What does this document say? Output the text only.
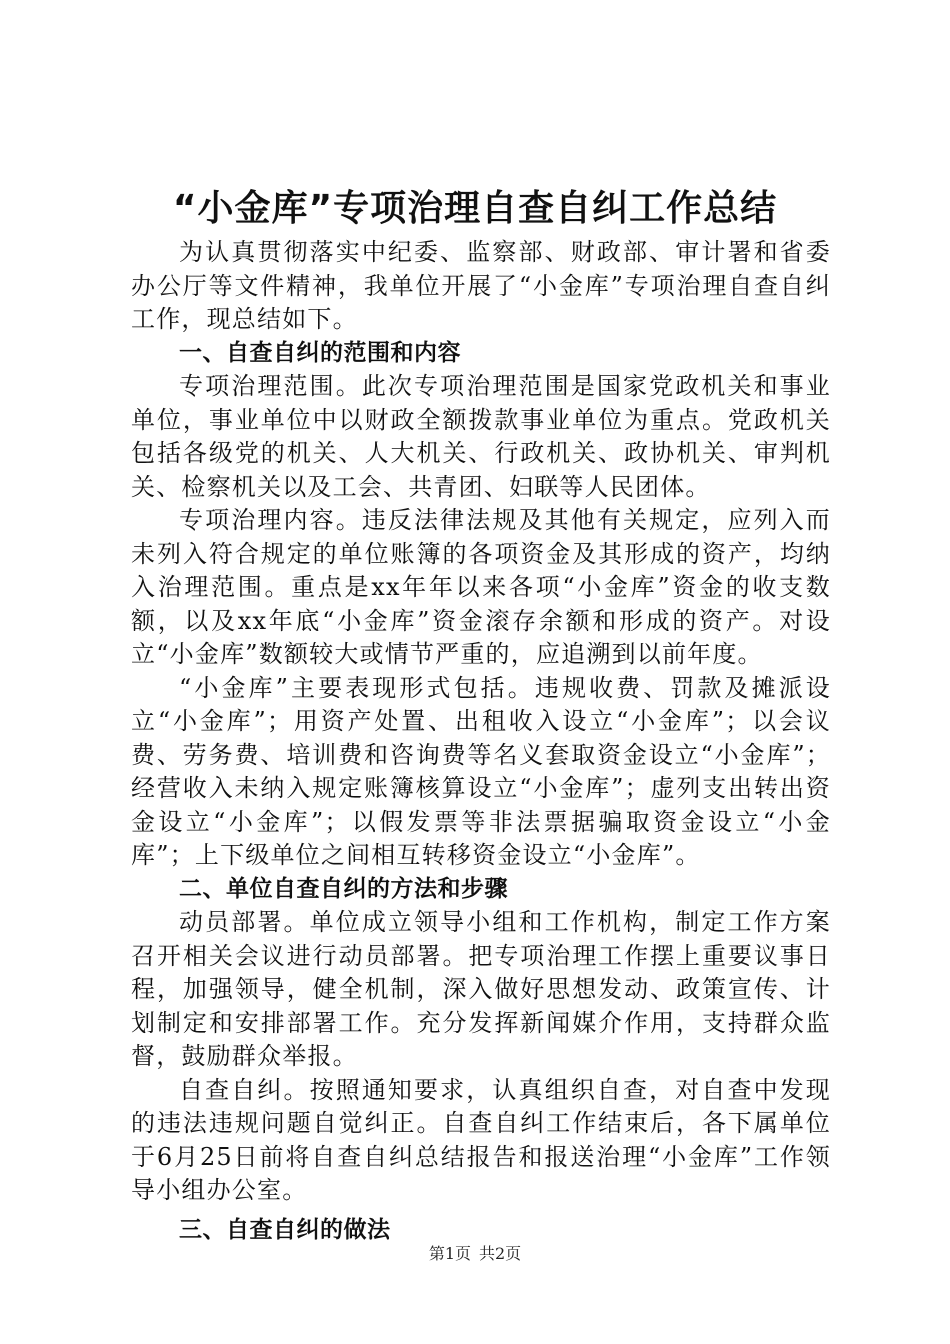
“小金库”专项治理自查自纠工作总结

为认真贯彻落实中纪委、监察部、财政部、审计署和省委办公厅等文件精神，我单位开展了“小金库”专项治理自查自纠工作，现总结如下。

一、自查自纠的范围和内容

专项治理范围。此次专项治理范围是国家党政机关和事业单位，事业单位中以财政全额拨款事业单位为重点。党政机关包括各级党的机关、人大机关、行政机关、政协机关、审判机关、检察机关以及工会、共青团、妇联等人民团体。

专项治理内容。违反法律法规及其他有关规定，应列入而未列入符合规定的单位账簿的各项资金及其形成的资产，均纳入治理范围。重点是xx年年以来各项“小金库”资金的收支数额，以及xx年底“小金库”资金滚存余额和形成的资产。对设立“小金库”数额较大或情节严重的，应追溯到以前年度。

“小金库”主要表现形式包括。违规收费、罚款及摊派设立“小金库”；用资产处置、出租收入设立“小金库”；以会议费、劳务费、培训费和咨询费等名义套取资金设立“小金库”；经营收入未纳入规定账簿核算设立“小金库”；虚列支出转出资金设立“小金库”；以假发票等非法票据骗取资金设立“小金库”；上下级单位之间相互转移资金设立“小金库”。

二、单位自查自纠的方法和步骤

动员部署。单位成立领导小组和工作机构，制定工作方案召开相关会议进行动员部署。把专项治理工作摆上重要议事日程，加强领导，健全机制，深入做好思想发动、政策宣传、计划制定和安排部署工作。充分发挥新闻媒介作用，支持群众监督，鼓励群众举报。

自查自纠。按照通知要求，认真组织自查，对自查中发现的违法违规问题自觉纠正。自查自纠工作结束后，各下属单位于6月25日前将自查自纠总结报告和报送治理“小金库”工作领导小组办公室。

三、自查自纠的做法

第1页 共2页
